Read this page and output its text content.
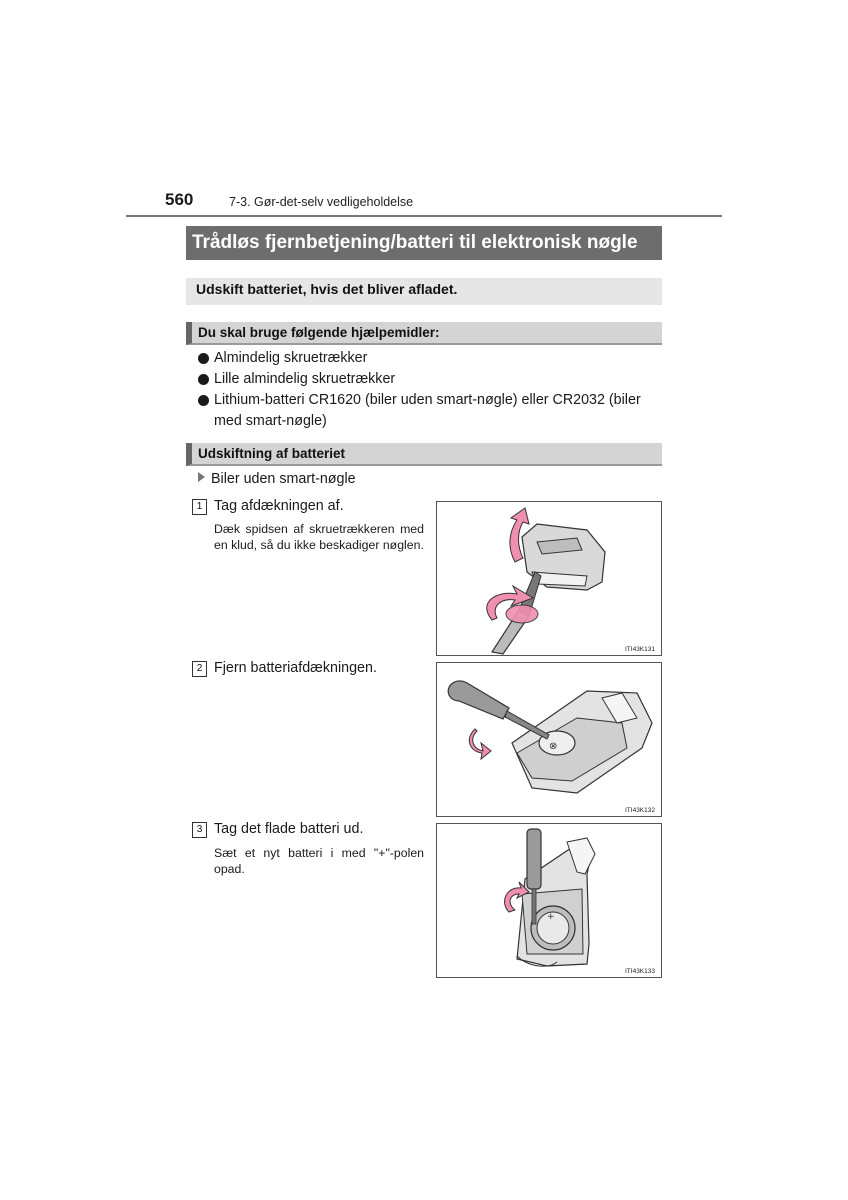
560	7-3. Gør-det-selv vedligeholdelse
Trådløs fjernbetjening/batteri til elektronisk nøgle
Udskift batteriet, hvis det bliver afladet.
Du skal bruge følgende hjælpemidler:
Almindelig skruetrækker
Lille almindelig skruetrækker
Lithium-batteri CR1620 (biler uden smart-nøgle) eller CR2032 (biler med smart-nøgle)
Udskiftning af batteriet
Biler uden smart-nøgle
1 Tag afdækningen af.
Dæk spidsen af skruetrækkeren med en klud, så du ikke beskadiger nøglen.
ITI43K131
2 Fjern batteriafdækningen.
⊗
ITI43K132
3 Tag det flade batteri ud.
Sæt et nyt batteri i med "+"-polen opad.
+
ITI43K133
